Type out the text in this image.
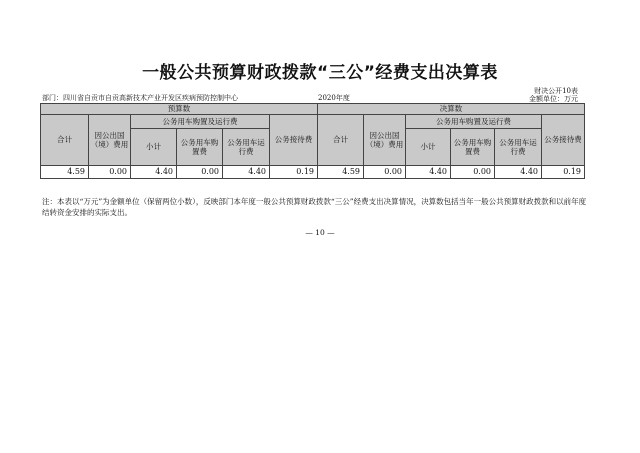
一般公共预算财政拨款“三公”经费支出决算表
财决公开10表
部门：四川省自贡市自贡高新技术产业开发区疾病预防控制中心	2020年度	金额单位：万元
预算数						决算数					
合计	因公出国（境）费用	公务用车购置及运行费			公务接待费	合计	因公出国（境）费用	公务用车购置及运行费			公务接待费
		小计	公务用车购置费	公务用车运行费				小计	公务用车购置费	公务用车运行费	
4.59	0.00	4.40	0.00	4.40	0.19	4.59	0.00	4.40	0.00	4.40	0.19
注：本表以“万元”为金额单位（保留两位小数），反映部门本年度一般公共预算财政拨款“三公”经费支出决算情况，决算数包括当年一般公共预算财政拨款和以前年度结转资金安排的实际支出。
— 10 —
